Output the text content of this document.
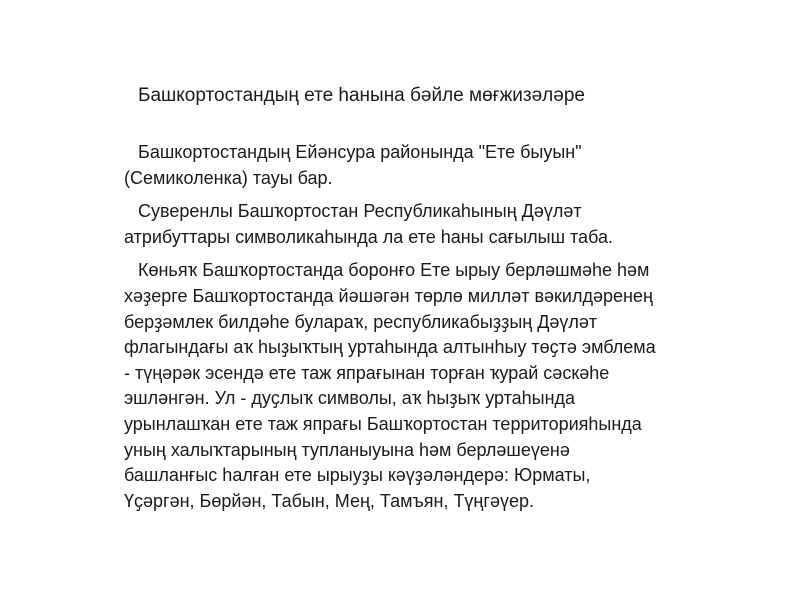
Башкортостандың ете һанына бәйле мөғжизәләре

Башкортостандың Ейәнсура районында "Ете быуын" (Семиколенка) тауы бар.

Суверенлы Башҡортостан Республикаһының Дәүләт атрибуттары символикаһында ла ете һаны сағылыш таба.

Көньяҡ Башҡортостанда боронғо Ете ырыу берләшмәһе һәм хәҙерге Башҡортостанда йәшәгән төрлө милләт вәкилдәренең берҙәмлек билдәһе булараҡ, республикабыҙҙың Дәүләт флагындағы аҡ һыҙыҡтың уртаһында алтынһыу төҫтә эмблема - түңәрәк эсендә ете таж япрағынан торған ҡурай сәскәһе эшләнгән. Ул - дуҫлыҡ символы, аҡ һыҙыҡ уртаһында урынлашҡан ете таж япрағы Башҡортостан территорияһында уның халыҡтарының тупланыуына һәм берләшеүенә башланғыс һалған ете ырыуҙы кәүҙәләндерә: Юрматы, Үҫәргән, Бөрйән, Табын, Мең, Тамъян, Түңгәүер.
